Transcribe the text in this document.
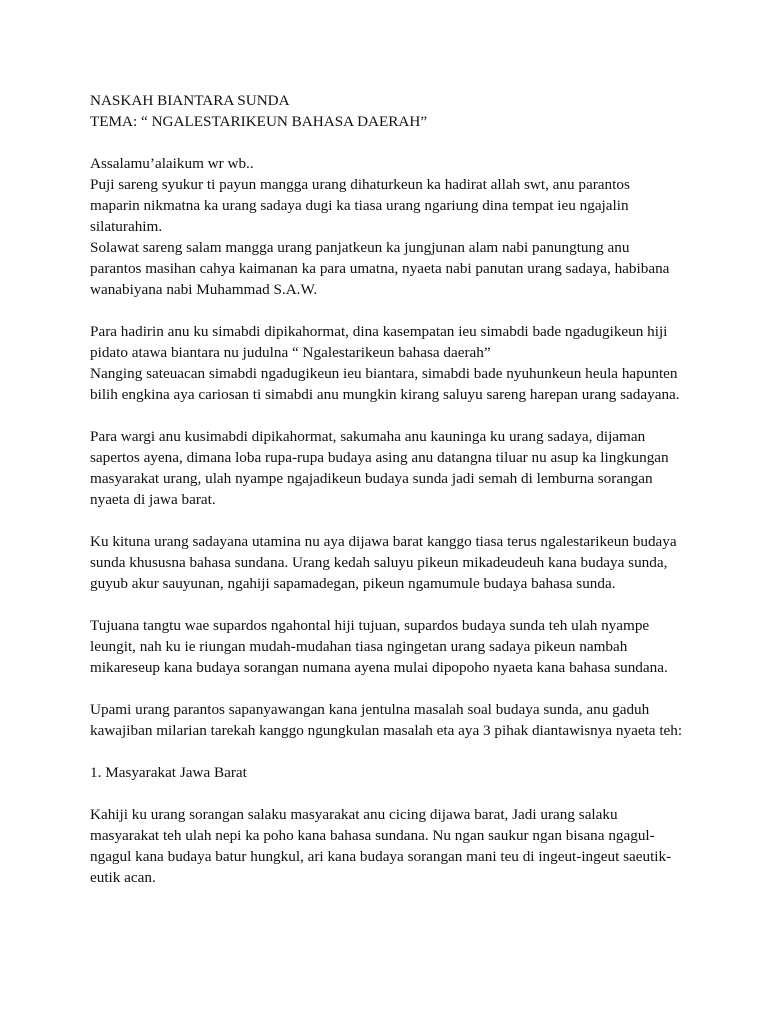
NASKAH BIANTARA SUNDA
TEMA: “ NGALESTARIKEUN BAHASA DAERAH”
Assalamu’alaikum wr wb..
Puji sareng syukur ti payun mangga urang dihaturkeun ka hadirat allah swt, anu parantos
maparin nikmatna ka urang sadaya dugi ka tiasa urang ngariung dina tempat ieu ngajalin
silaturahim.
Solawat sareng salam mangga urang panjatkeun ka jungjunan alam nabi panungtung anu
parantos masihan cahya kaimanan ka para umatna, nyaeta nabi panutan urang sadaya, habibana
wanabiyana nabi Muhammad S.A.W.
Para hadirin anu ku simabdi dipikahormat, dina kasempatan ieu simabdi bade ngadugikeun hiji
pidato atawa biantara nu judulna “ Ngalestarikeun bahasa daerah”
Nanging sateuacan simabdi ngadugikeun ieu biantara, simabdi bade nyuhunkeun heula hapunten
bilih engkina aya cariosan ti simabdi anu mungkin kirang saluyu sareng harepan urang sadayana.
Para wargi anu kusimabdi dipikahormat, sakumaha anu kauninga ku urang sadaya, dijaman
sapertos ayena, dimana loba rupa-rupa budaya asing anu datangna tiluar nu asup ka lingkungan
masyarakat urang, ulah nyampe ngajadikeun budaya sunda jadi semah di lemburna sorangan
nyaeta di jawa barat.
Ku kituna urang sadayana utamina nu aya dijawa barat kanggo tiasa terus ngalestarikeun budaya
sunda khususna bahasa sundana. Urang kedah saluyu pikeun mikadeudeuh kana budaya sunda,
guyub akur sauyunan, ngahiji sapamadegan, pikeun ngamumule budaya bahasa sunda.
Tujuana tangtu wae supardos ngahontal hiji tujuan, supardos budaya sunda teh ulah nyampe
leungit, nah ku ie riungan mudah-mudahan tiasa ngingetan urang sadaya pikeun nambah
mikareseup kana budaya sorangan numana ayena mulai dipopoho nyaeta kana bahasa sundana.
Upami urang parantos sapanyawangan kana jentulna masalah soal budaya sunda, anu gaduh
kawajiban milarian tarekah kanggo ngungkulan masalah eta aya 3 pihak diantawisnya nyaeta teh:
1. Masyarakat Jawa Barat
Kahiji ku urang sorangan salaku masyarakat anu cicing dijawa barat, Jadi urang salaku
masyarakat teh ulah nepi ka poho kana bahasa sundana. Nu ngan saukur ngan bisana ngagul-
ngagul kana budaya batur hungkul, ari kana budaya sorangan mani teu di ingeut-ingeut saeutik-
eutik acan.
